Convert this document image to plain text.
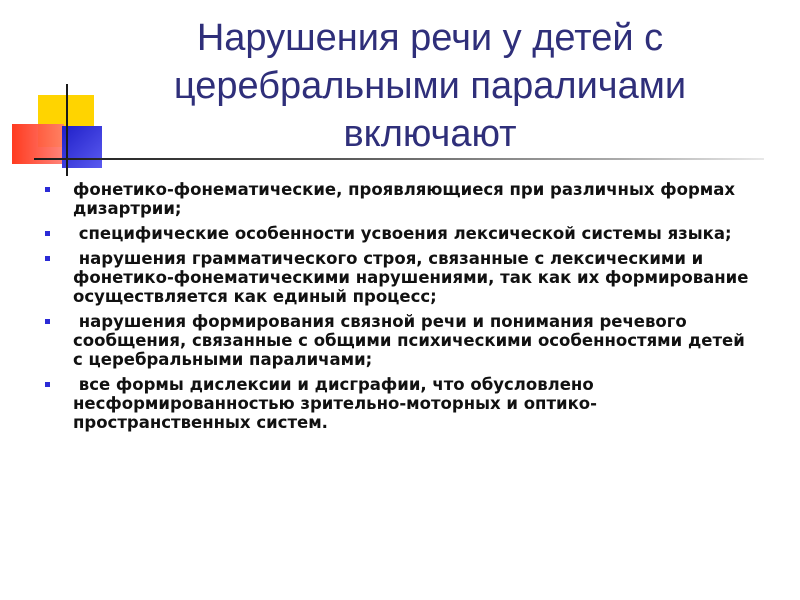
Нарушения речи у детей с церебральными параличами включают
фонетико-фонематические, проявляющиеся при различных формах дизартрии;
специфические особенности усвоения лексической системы языка;
нарушения грамматического строя, связанные с лексическими и фонетико-фонематическими нарушениями, так как их формирование осуществляется как единый процесс;
нарушения формирования связной речи и понимания речевого сообщения, связанные с общими психическими особенностями детей с церебральными параличами;
все формы дислексии и дисграфии, что обусловлено несформированностью зрительно-моторных и оптико-пространственных систем.
